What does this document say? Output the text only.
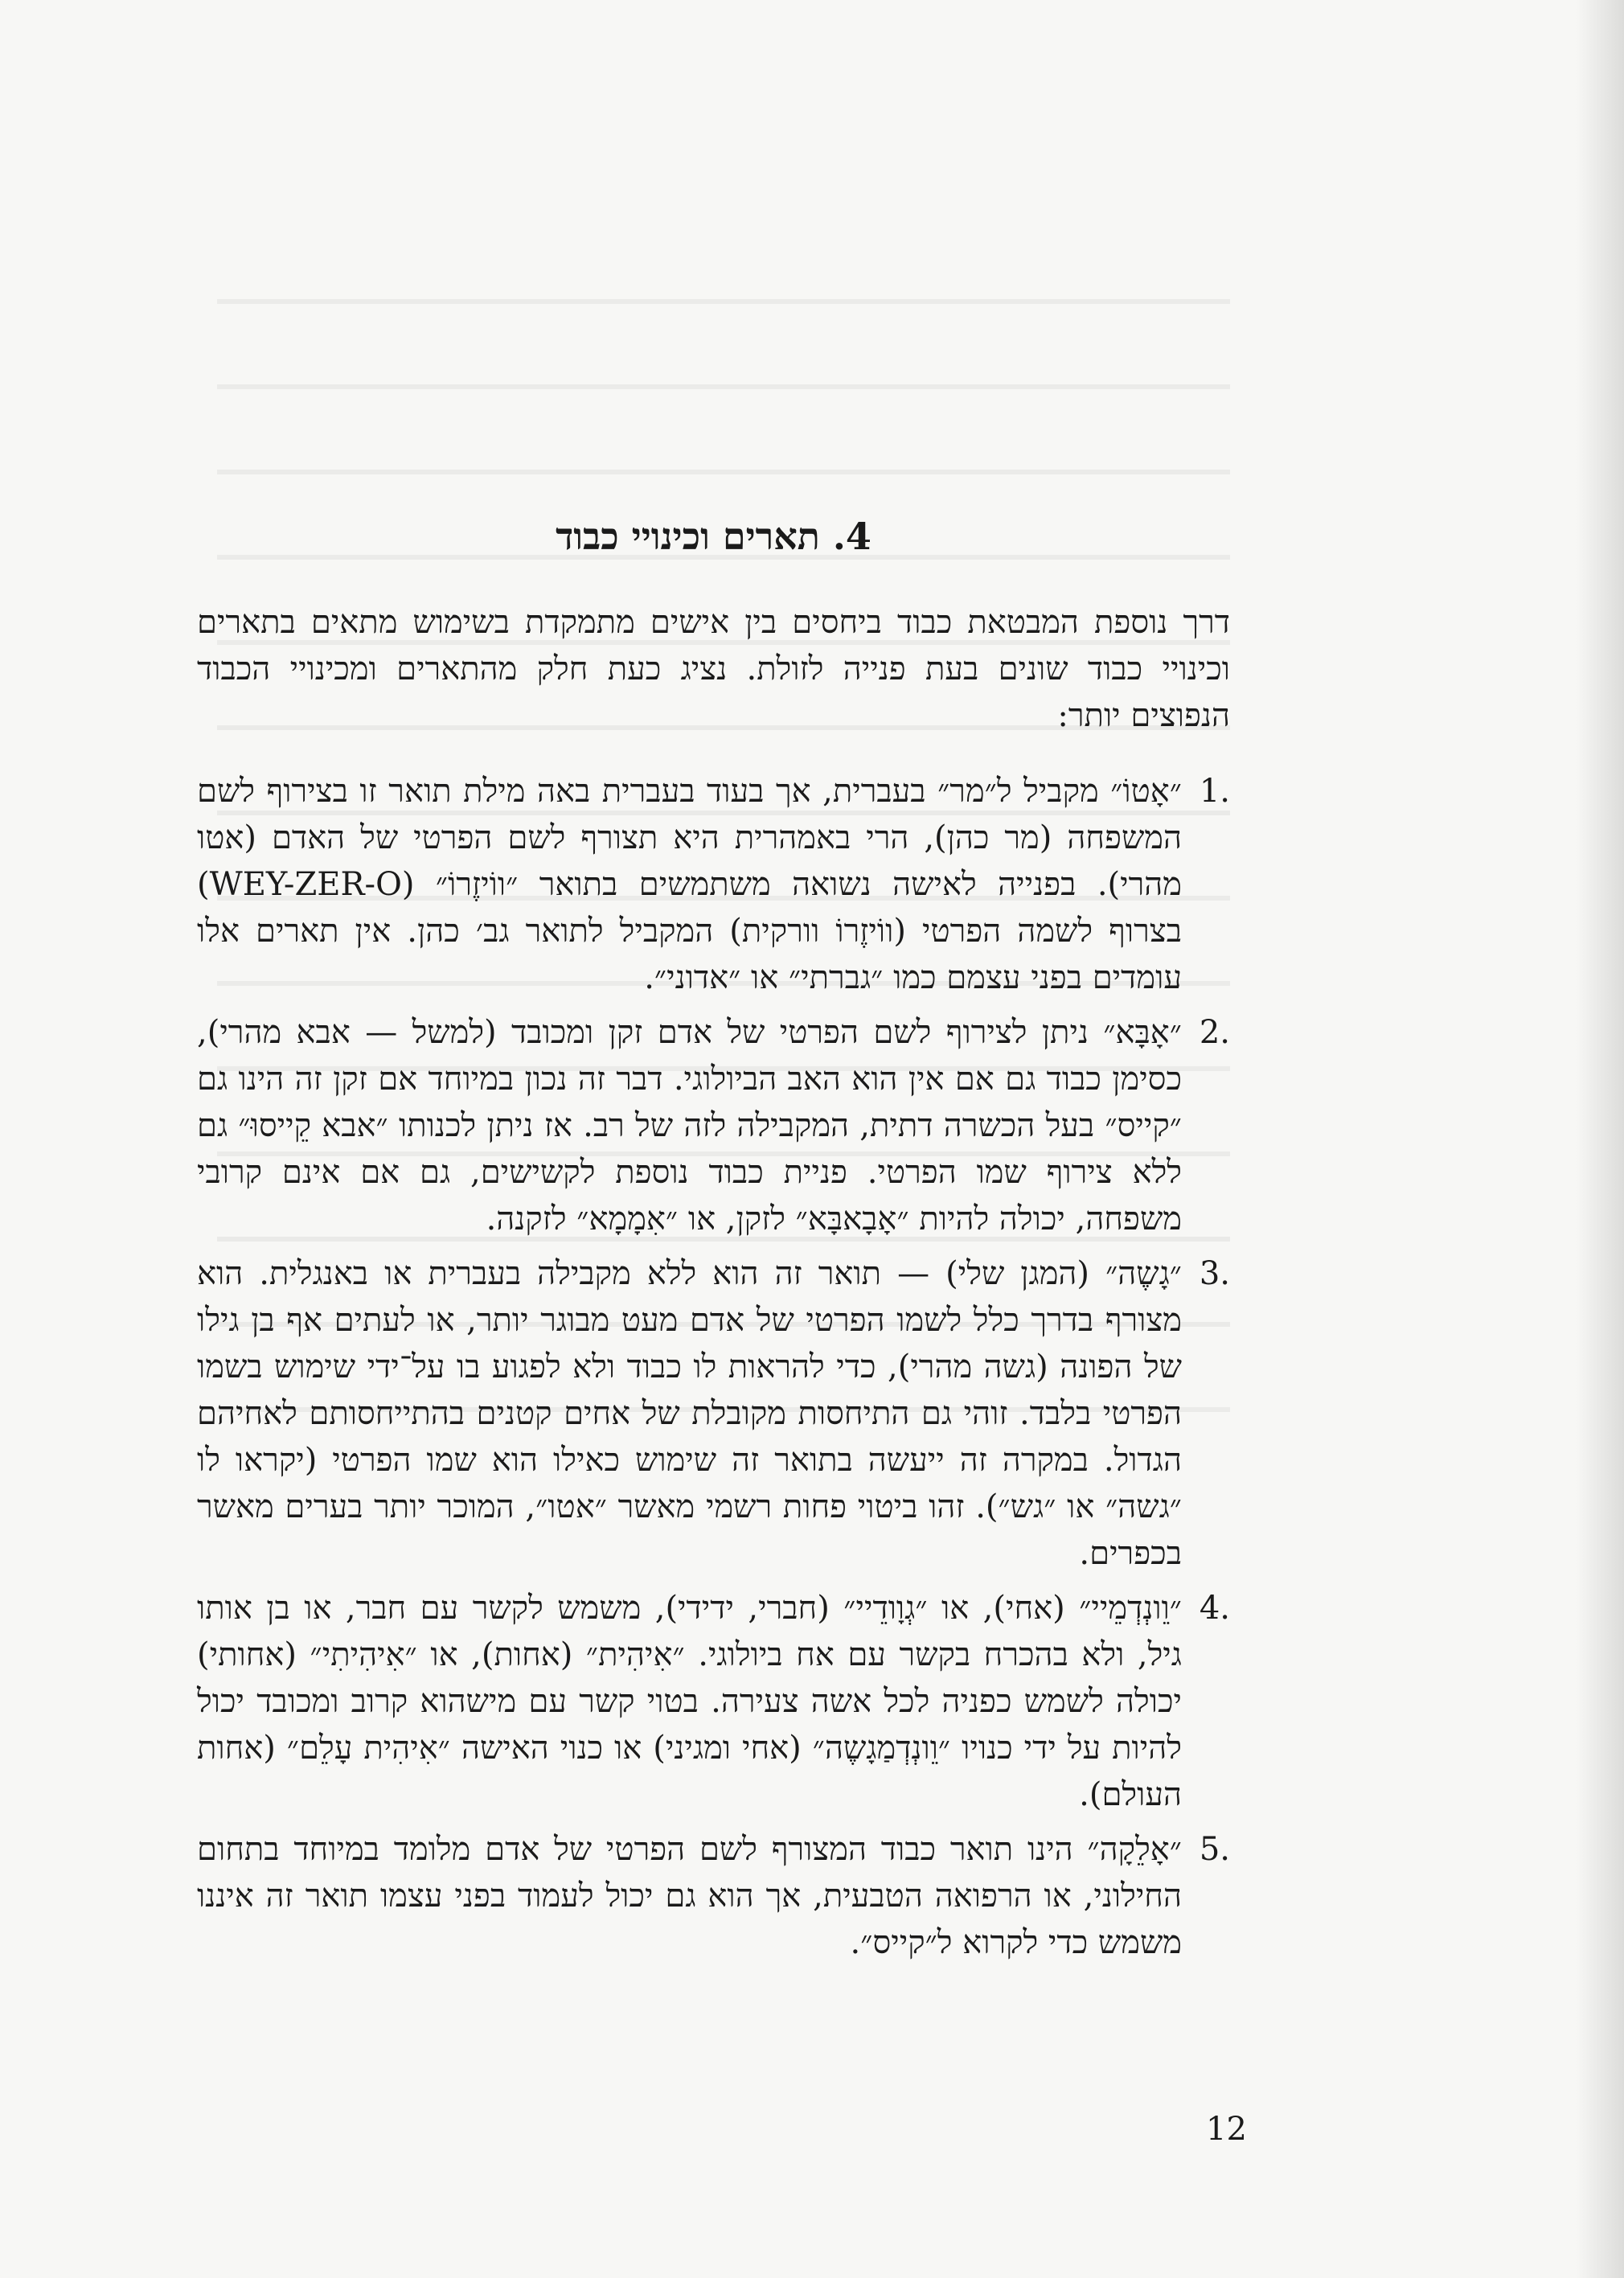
4. תארים וכינויי כבוד

דרך נוספת המבטאת כבוד ביחסים בין אישים מתמקדת בשימוש מתאים בתארים וכינויי כבוד שונים בעת פנייה לזולת. נציג כעת חלק מהתארים ומכינויי הכבוד הנפוצים יותר:

.1
״אָטוֹ״ מקביל ל״מר״ בעברית, אך בעוד בעברית באה מילת תואר זו בצירוף לשם המשפחה (מר כהן), הרי באמהרית היא תצורף לשם הפרטי של האדם (אטו מהרי). בפנייה לאישה נשואה משתמשים בתואר ״ווֹיזֶרוֹ״ (WEY-ZER-O) בצרוף לשמה הפרטי (ווֹיזֶרוֹ וורקית) המקביל לתואר גב׳ כהן. אין תארים אלו עומדים בפני עצמם כמו ״גברתי״ או ״אדוני״.
.2
״אָבָּא״ ניתן לצירוף לשם הפרטי של אדם זקן ומכובד (למשל — אבא מהרי), כסימן כבוד גם אם אין הוא האב הביולוגי. דבר זה נכון במיוחד אם זקן זה הינו גם ״קייס״ בעל הכשרה דתית, המקבילה לזה של רב. אז ניתן לכנותו ״אבא קֵייסוּ״ גם ללא צירוף שמו הפרטי. פניית כבוד נוספת לקשישים, גם אם אינם קרובי משפחה, יכולה להיות ״אָבָאבָּא״ לזקן, או ״אִמָמָא״ לזקנה.
.3
״גָשֶה״ (המגן שלי) — תואר זה הוא ללא מקבילה בעברית או באנגלית. הוא מצורף בדרך כלל לשמו הפרטי של אדם מעט מבוגר יותר, או לעתים אף בן גילו של הפונה (גשה מהרי), כדי להראות לו כבוד ולא לפגוע בו על־ידי שימוש בשמו הפרטי בלבד. זוהי גם התיחסות מקובלת של אחים קטנים בהתייחסותם לאחיהם הגדול. במקרה זה ייעשה בתואר זה שימוש כאילו הוא שמו הפרטי (יקראו לו ״גשה״ או ״גש״). זהו ביטוי פחות רשמי מאשר ״אטו״, המוכר יותר בערים מאשר בכפרים.
.4
״וֵונְדְמֵיי״ (אחי), או ״גְוָודֵיי״ (חברי, ידידי), משמש לקשר עם חבר, או בן אותו גיל, ולא בהכרח בקשר עם אח ביולוגי. ״אִיהִית״ (אחות), או ״אִיהִיתִי״ (אחותי) יכולה לשמש כפניה לכל אשה צעירה. בטוי קשר עם מישהוא קרוב ומכובד יכול להיות על ידי כנויו ״וֵונְדְמַגָשֶה״ (אחי ומגיני) או כנוי האישה ״אִיהִית עָלֵם״ (אחות העולם).
.5
״אָלֵקָה״ הינו תואר כבוד המצורף לשם הפרטי של אדם מלומד במיוחד בתחום החילוני, או הרפואה הטבעית, אך הוא גם יכול לעמוד בפני עצמו תואר זה איננו משמש כדי לקרוא ל״קייס״.
12
